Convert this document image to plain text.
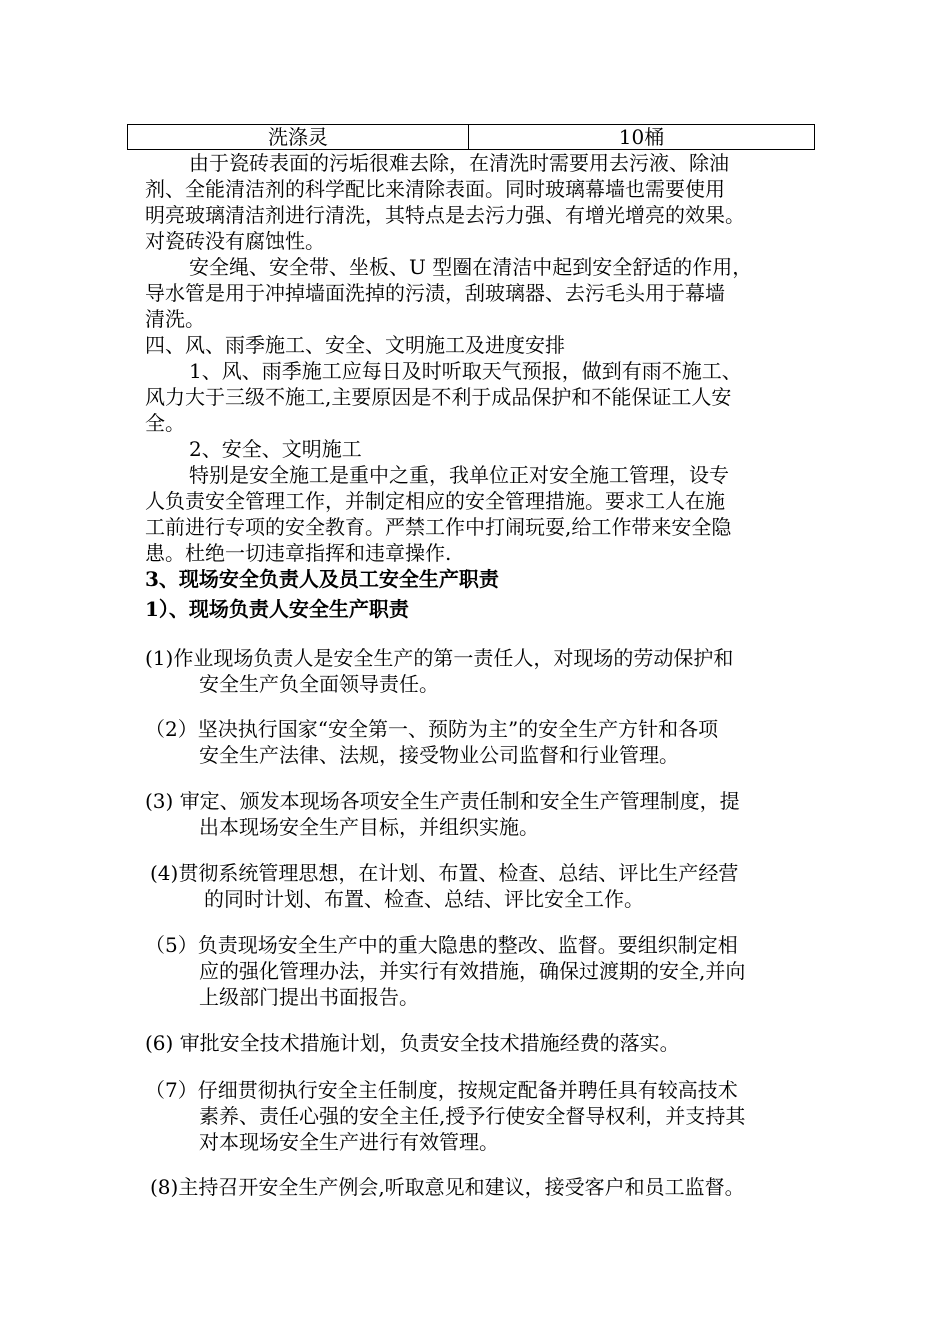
洗涤灵	10桶
由于瓷砖表面的污垢很难去除，在清洗时需要用去污液、除油
剂、全能清洁剂的科学配比来清除表面。同时玻璃幕墙也需要使用
明亮玻璃清洁剂进行清洗，其特点是去污力强、有增光增亮的效果。
对瓷砖没有腐蚀性。
安全绳、安全带、坐板、U 型圈在清洁中起到安全舒适的作用，
导水管是用于冲掉墙面洗掉的污渍，刮玻璃器、去污毛头用于幕墙
清洗。
四、风、雨季施工、安全、文明施工及进度安排
1、风、雨季施工应每日及时听取天气预报，做到有雨不施工、
风力大于三级不施工,主要原因是不利于成品保护和不能保证工人安
全。
2、安全、文明施工
特别是安全施工是重中之重，我单位正对安全施工管理，设专
人负责安全管理工作，并制定相应的安全管理措施。要求工人在施
工前进行专项的安全教育。严禁工作中打闹玩耍,给工作带来安全隐
患。杜绝一切违章指挥和违章操作.
3、现场安全负责人及员工安全生产职责
1）、现场负责人安全生产职责
(1)作业现场负责人是安全生产的第一责任人，对现场的劳动保护和
安全生产负全面领导责任。
（2）坚决执行国家“安全第一、预防为主”的安全生产方针和各项
安全生产法律、法规，接受物业公司监督和行业管理。
(3) 审定、颁发本现场各项安全生产责任制和安全生产管理制度，提
出本现场安全生产目标，并组织实施。
(4)贯彻系统管理思想，在计划、布置、检查、总结、评比生产经营
的同时计划、布置、检查、总结、评比安全工作。
（5）负责现场安全生产中的重大隐患的整改、监督。要组织制定相
应的强化管理办法，并实行有效措施，确保过渡期的安全,并向
上级部门提出书面报告。
(6) 审批安全技术措施计划，负责安全技术措施经费的落实。
（7）仔细贯彻执行安全主任制度，按规定配备并聘任具有较高技术
素养、责任心强的安全主任,授予行使安全督导权利，并支持其
对本现场安全生产进行有效管理。
(8)主持召开安全生产例会,听取意见和建议，接受客户和员工监督。
